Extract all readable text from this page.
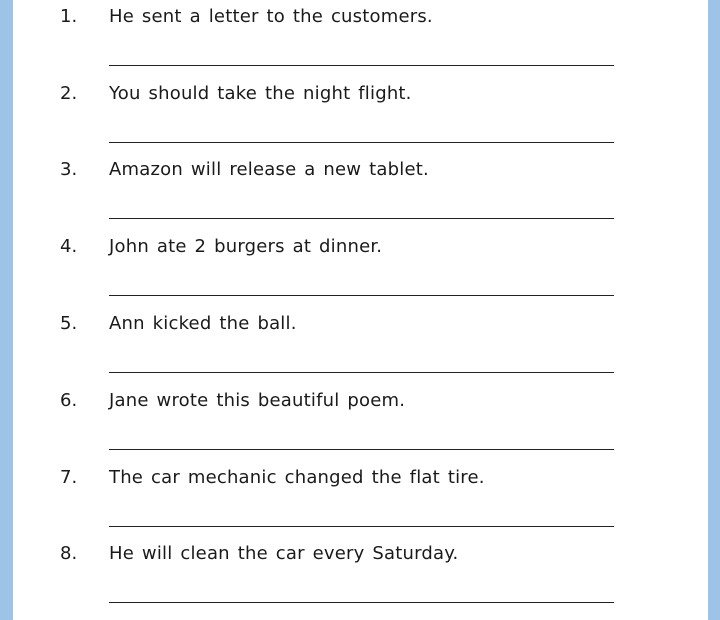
1. He sent a letter to the customers.
2. You should take the night flight.
3. Amazon will release a new tablet.
4. John ate 2 burgers at dinner.
5. Ann kicked the ball.
6. Jane wrote this beautiful poem.
7. The car mechanic changed the flat tire.
8. He will clean the car every Saturday.
